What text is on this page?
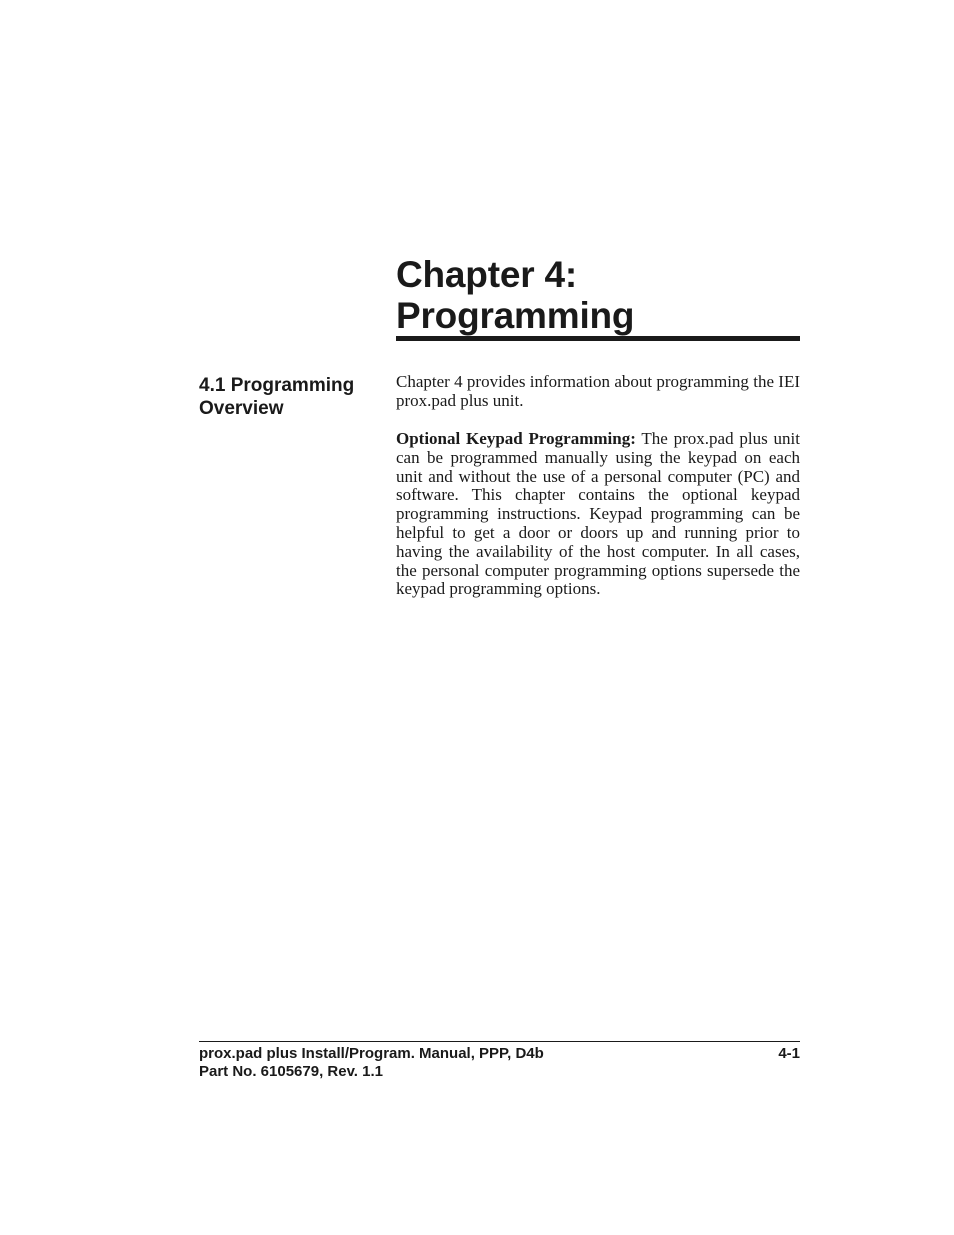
Chapter 4:
Programming
4.1 Programming
Overview

Chapter 4 provides information about programming the IEI prox.pad plus unit.

Optional Keypad Programming: The prox.pad plus unit can be programmed manually using the keypad on each unit and without the use of a personal computer (PC) and software. This chapter contains the optional keypad programming instructions. Keypad programming can be helpful to get a door or doors up and running prior to having the availability of the host computer. In all cases, the personal computer programming options supersede the keypad programming options.

prox.pad plus Install/Program. Manual, PPP, D4b	4-1
Part No. 6105679, Rev. 1.1
